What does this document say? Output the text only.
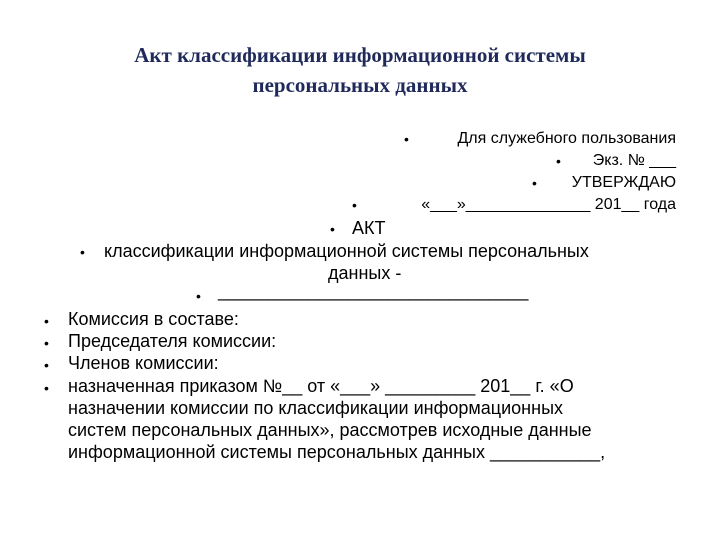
Акт классификации информационной системы
персональных данных
•	Для служебного пользования
• Экз. № ___
• УТВЕРЖДАЮ
•	«___»______________ 201__ года
• АКТ
• классификации информационной системы персональных
данных -
• _______________________________
• Комиссия в составе:
• Председателя комиссии:
• Членов комиссии:
• назначенная приказом №__ от «___» _________ 201__ г. «О
назначении комиссии по классификации информационных
систем персональных данных», рассмотрев исходные данные
информационной системы персональных данных ___________,
